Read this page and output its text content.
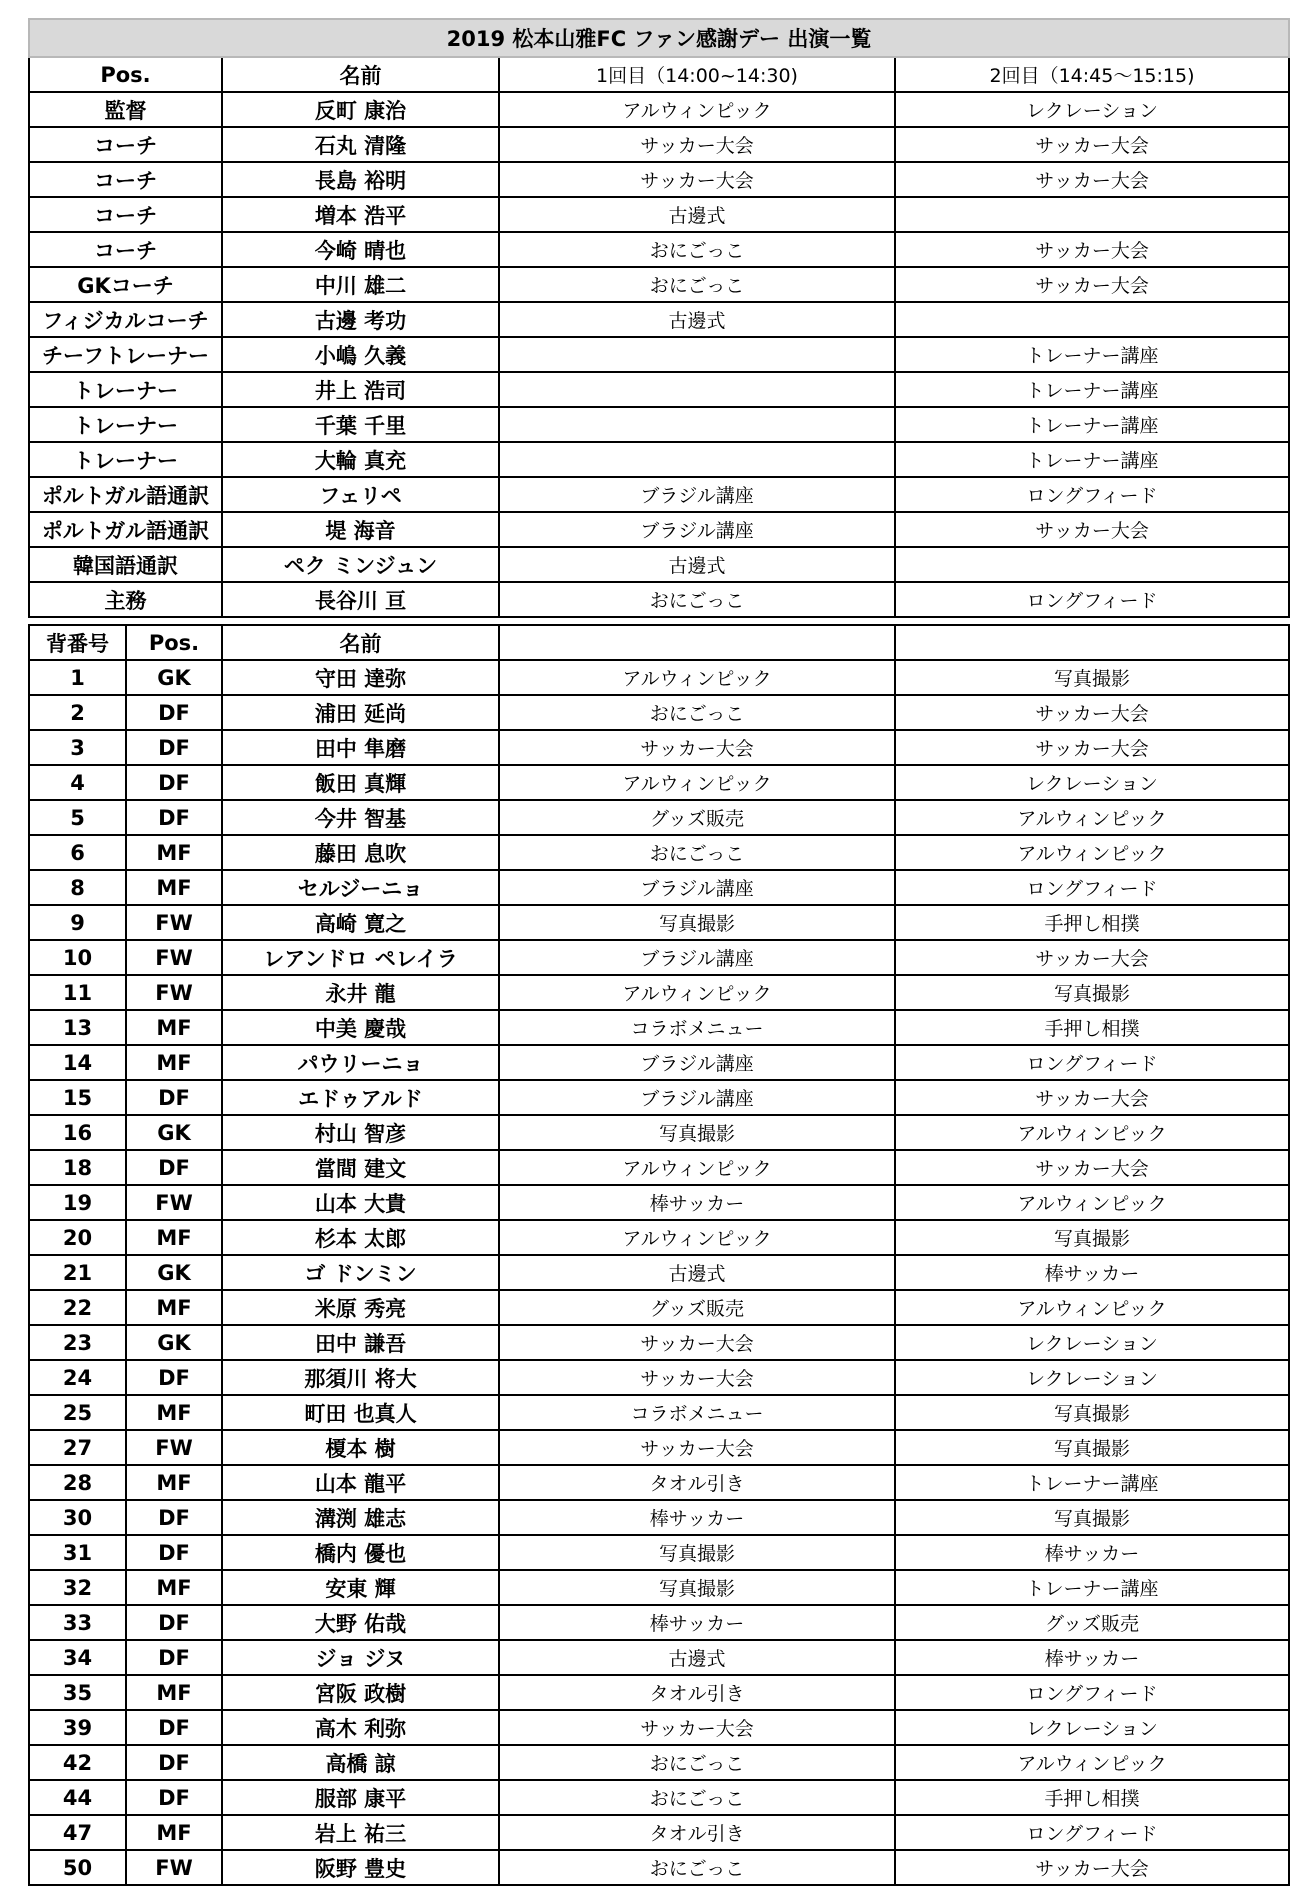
2019 松本山雅FC ファン感謝デー 出演一覧			
Pos.	名前	1回目（14:00~14:30)	2回目（14:45～15:15)
監督	反町 康治	アルウィンピック	レクレーション
コーチ	石丸 清隆	サッカー大会	サッカー大会
コーチ	長島 裕明	サッカー大会	サッカー大会
コーチ	増本 浩平	古邊式	
コーチ	今崎 晴也	おにごっこ	サッカー大会
GKコーチ	中川 雄二	おにごっこ	サッカー大会
フィジカルコーチ	古邊 考功	古邊式	
チーフトレーナー	小嶋 久義		トレーナー講座
トレーナー	井上 浩司		トレーナー講座
トレーナー	千葉 千里		トレーナー講座
トレーナー	大輪 真充		トレーナー講座
ポルトガル語通訳	フェリペ	ブラジル講座	ロングフィード
ポルトガル語通訳	堤 海音	ブラジル講座	サッカー大会
韓国語通訳	ペク ミンジュン	古邊式	
主務	長谷川 亘	おにごっこ	ロングフィード
背番号	Pos.	名前		
1	GK	守田 達弥	アルウィンピック	写真撮影
2	DF	浦田 延尚	おにごっこ	サッカー大会
3	DF	田中 隼磨	サッカー大会	サッカー大会
4	DF	飯田 真輝	アルウィンピック	レクレーション
5	DF	今井 智基	グッズ販売	アルウィンピック
6	MF	藤田 息吹	おにごっこ	アルウィンピック
8	MF	セルジーニョ	ブラジル講座	ロングフィード
9	FW	高崎 寛之	写真撮影	手押し相撲
10	FW	レアンドロ ペレイラ	ブラジル講座	サッカー大会
11	FW	永井 龍	アルウィンピック	写真撮影
13	MF	中美 慶哉	コラボメニュー	手押し相撲
14	MF	パウリーニョ	ブラジル講座	ロングフィード
15	DF	エドゥアルド	ブラジル講座	サッカー大会
16	GK	村山 智彦	写真撮影	アルウィンピック
18	DF	當間 建文	アルウィンピック	サッカー大会
19	FW	山本 大貴	棒サッカー	アルウィンピック
20	MF	杉本 太郎	アルウィンピック	写真撮影
21	GK	ゴ ドンミン	古邊式	棒サッカー
22	MF	米原 秀亮	グッズ販売	アルウィンピック
23	GK	田中 謙吾	サッカー大会	レクレーション
24	DF	那須川 将大	サッカー大会	レクレーション
25	MF	町田 也真人	コラボメニュー	写真撮影
27	FW	榎本 樹	サッカー大会	写真撮影
28	MF	山本 龍平	タオル引き	トレーナー講座
30	DF	溝渕 雄志	棒サッカー	写真撮影
31	DF	橋内 優也	写真撮影	棒サッカー
32	MF	安東 輝	写真撮影	トレーナー講座
33	DF	大野 佑哉	棒サッカー	グッズ販売
34	DF	ジョ ジヌ	古邊式	棒サッカー
35	MF	宮阪 政樹	タオル引き	ロングフィード
39	DF	高木 利弥	サッカー大会	レクレーション
42	DF	高橋 諒	おにごっこ	アルウィンピック
44	DF	服部 康平	おにごっこ	手押し相撲
47	MF	岩上 祐三	タオル引き	ロングフィード
50	FW	阪野 豊史	おにごっこ	サッカー大会
